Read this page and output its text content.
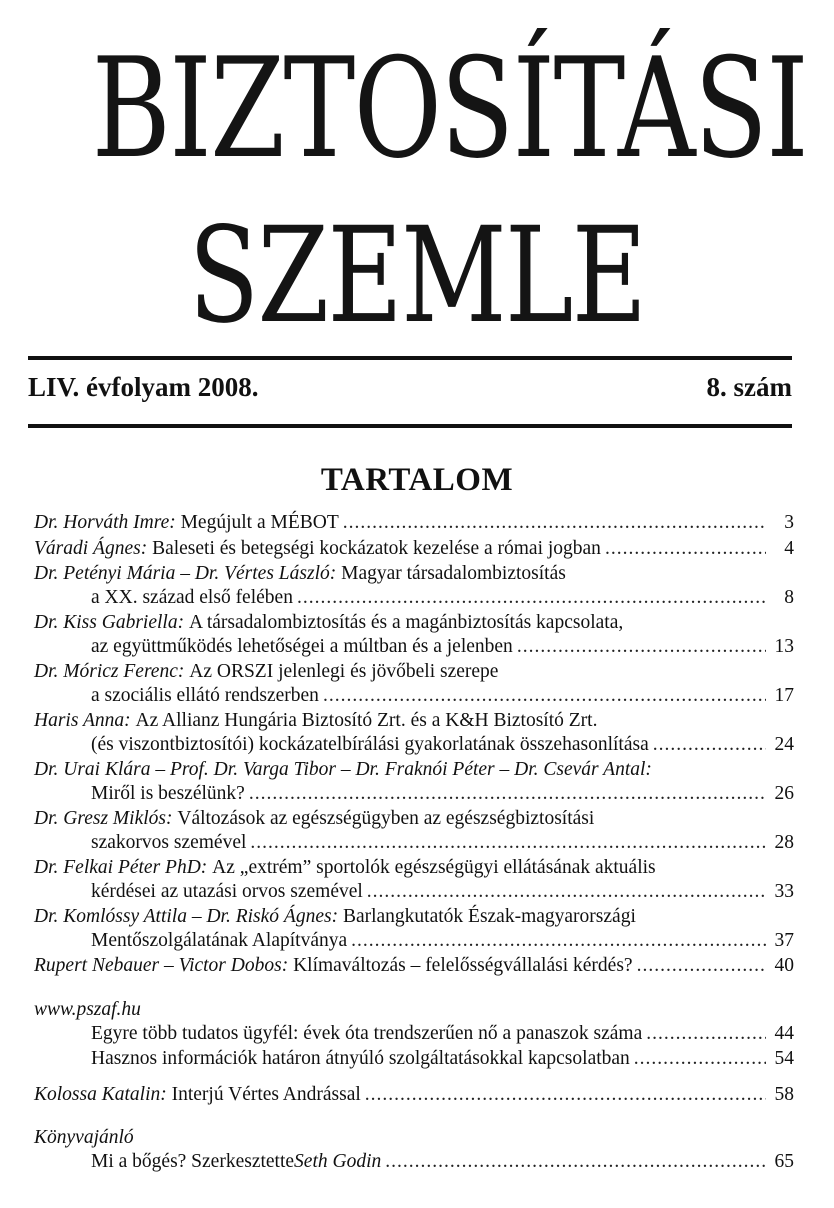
BIZTOSÍTÁSI
SZEMLE
LIV. évfolyam 2008.	8. szám
TARTALOM
Dr. Horváth Imre:
Megújult a MÉBOT .....	3
Váradi Ágnes:
Baleseti és betegségi kockázatok kezelése a római jogban .....	4
Dr. Petényi Mária – Dr. Vértes László:
Magyar társadalombiztosítás
a XX. század első felében .....	8
Dr. Kiss Gabriella:
A társadalombiztosítás és a magánbiztosítás kapcsolata,
az együttműködés lehetőségei a múltban és a jelenben .....	13
Dr. Móricz Ferenc:
Az ORSZI jelenlegi és jövőbeli szerepe
a szociális ellátó rendszerben .....	17
Haris Anna:
Az Allianz Hungária Biztosító Zrt. és a K&H Biztosító Zrt.
(és viszontbiztosítói) kockázatelbírálási gyakorlatának összehasonlítása .....	24
Dr. Urai Klára – Prof. Dr. Varga Tibor – Dr. Fraknói Péter – Dr. Csevár Antal:
Miről is beszélünk? .....	26
Dr. Gresz Miklós:
Változások az egészségügyben az egészségbiztosítási
szakorvos szemével .....	28
Dr. Felkai Péter PhD:
Az „extrém” sportolók egészségügyi ellátásának aktuális
kérdései az utazási orvos szemével .....	33
Dr. Komlóssy Attila – Dr. Riskó Ágnes:
Barlangkutatók Észak-magyarországi
Mentőszolgálatának Alapítványa .....	37
Rupert Nebauer – Victor Dobos:
Klímaváltozás – felelősségvállalási kérdés? .....	40
www.pszaf.hu
Egyre több tudatos ügyfél: évek óta trendszerűen nő a panaszok száma .....	44
Hasznos információk határon átnyúló szolgáltatásokkal kapcsolatban .....	54
Kolossa Katalin:
Interjú Vértes Andrással .....	58
Könyvajánló
Mi a bőgés? Szerkesztette Seth Godin .....	65
